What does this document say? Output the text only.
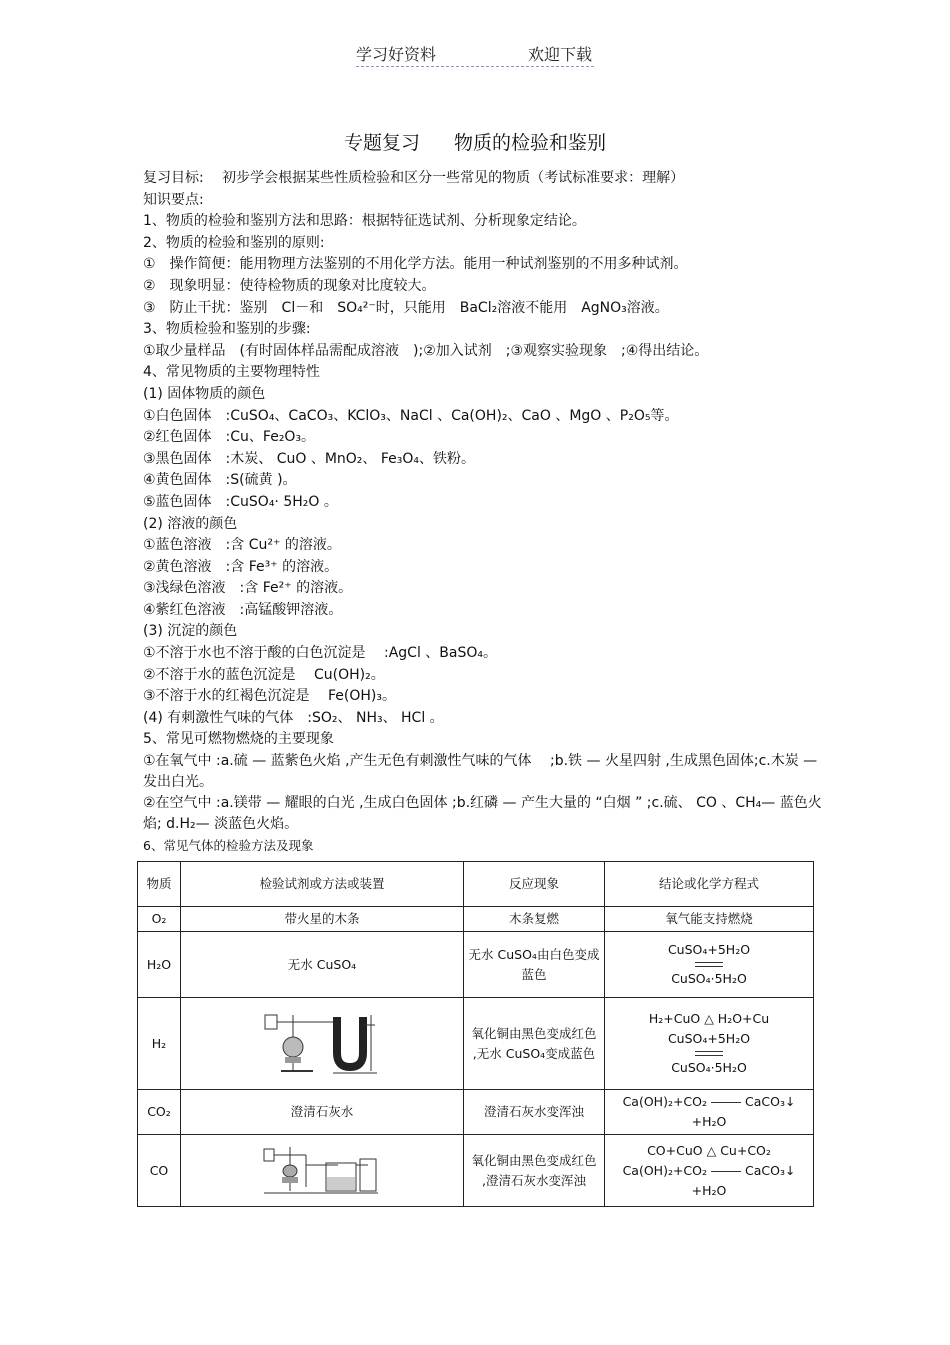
学习好资料	欢迎下载
专题复习 物质的检验和鉴别
复习目标:　 初步学会根据某些性质检验和区分一些常见的物质（考试标准要求：理解）
知识要点:
1、物质的检验和鉴别方法和思路：根据特征选试剂、分析现象定结论。
2、物质的检验和鉴别的原则:
①　操作简便：能用物理方法鉴别的不用化学方法。能用一种试剂鉴别的不用多种试剂。
②　现象明显：使待检物质的现象对比度较大。
③　防止干扰：鉴别　Cl－和　SO₄²⁻时，只能用　BaCl₂溶液不能用　AgNO₃溶液。
3、物质检验和鉴别的步骤:
①取少量样品　(有时固体样品需配成溶液　);②加入试剂　;③观察实验现象　;④得出结论。
4、常见物质的主要物理特性
(1) 固体物质的颜色
①白色固体　:CuSO₄、CaCO₃、KClO₃、NaCl 、Ca(OH)₂、CaO 、MgO 、P₂O₅等。
②红色固体　:Cu、Fe₂O₃。
③黑色固体　:木炭、 CuO 、MnO₂、 Fe₃O₄、铁粉。
④黄色固体　:S(硫黄 )。
⑤蓝色固体　:CuSO₄· 5H₂O 。
(2) 溶液的颜色
①蓝色溶液　:含 Cu²⁺ 的溶液。
②黄色溶液　:含 Fe³⁺ 的溶液。
③浅绿色溶液　:含 Fe²⁺ 的溶液。
④紫红色溶液　:高锰酸钾溶液。
(3) 沉淀的颜色
①不溶于水也不溶于酸的白色沉淀是　 :AgCl 、BaSO₄。
②不溶于水的蓝色沉淀是　 Cu(OH)₂。
③不溶于水的红褐色沉淀是　 Fe(OH)₃。
(4) 有刺激性气味的气体　:SO₂、 NH₃、 HCl 。
5、常见可燃物燃烧的主要现象
①在氧气中 :a.硫 — 蓝紫色火焰 ,产生无色有刺激性气味的气体　 ;b.铁 — 火星四射 ,生成黑色固体;c.木炭 — 发出白光。
②在空气中 :a.镁带 — 耀眼的白光 ,生成白色固体 ;b.红磷 — 产生大量的 “白烟 ” ;c.硫、 CO 、CH₄— 蓝色火焰; d.H₂— 淡蓝色火焰。
6、常见气体的检验方法及现象
物质	检验试剂或方法或装置	反应现象	结论或化学方程式
O₂	带火星的木条	木条复燃	氧气能支持燃烧
H₂O	无水 CuSO₄	无水 CuSO₄由白色变成蓝色	CuSO₄+5H₂O
CuSO₄·5H₂O

H₂		氧化铜由黑色变成红色 ,无水 CuSO₄变成蓝色	H₂+CuO △ H₂O+Cu
CuSO₄+5H₂O
CuSO₄·5H₂O

CO₂	澄清石灰水	澄清石灰水变浑浊	Ca(OH)₂+CO₂ CaCO₃↓ +H₂O
CO		氧化铜由黑色变成红色 ,澄清石灰水变浑浊	CO+CuO △ Cu+CO₂
Ca(OH)₂+CO₂ CaCO₃↓ +H₂O
